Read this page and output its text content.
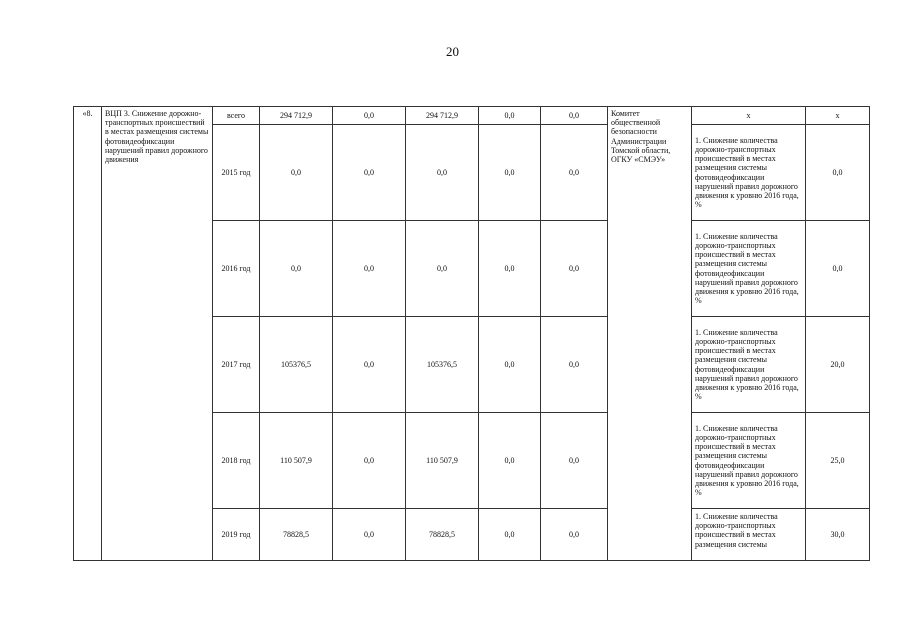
20
«8.	ВЦП 3. Снижение дорожно-транспортных происшествий в местах размещения системы фотовидеофиксации нарушений правил дорожного движения	всего	294 712,9	0,0	294 712,9	0,0	0,0	Комитет общественной безопасности Администрации Томской области, ОГКУ «СМЭУ»	x	x
		2015 год	0,0	0,0	0,0	0,0	0,0		1. Снижение количества дорожно-транспортных происшествий в местах размещения системы фотовидеофиксации нарушений правил дорожного движения к уровню 2016 года, %	0,0
		2016 год	0,0	0,0	0,0	0,0	0,0		1. Снижение количества дорожно-транспортных происшествий в местах размещения системы фотовидеофиксации нарушений правил дорожного движения к уровню 2016 года, %	0,0
		2017 год	105376,5	0,0	105376,5	0,0	0,0		1. Снижение количества дорожно-транспортных происшествий в местах размещения системы фотовидеофиксации нарушений правил дорожного движения к уровню 2016 года, %	20,0
		2018 год	110 507,9	0,0	110 507,9	0,0	0,0		1. Снижение количества дорожно-транспортных происшествий в местах размещения системы фотовидеофиксации нарушений правил дорожного движения к уровню 2016 года, %	25,0
		2019 год	78828,5	0,0	78828,5	0,0	0,0		1. Снижение количества дорожно-транспортных происшествий в местах размещения системы	30,0
